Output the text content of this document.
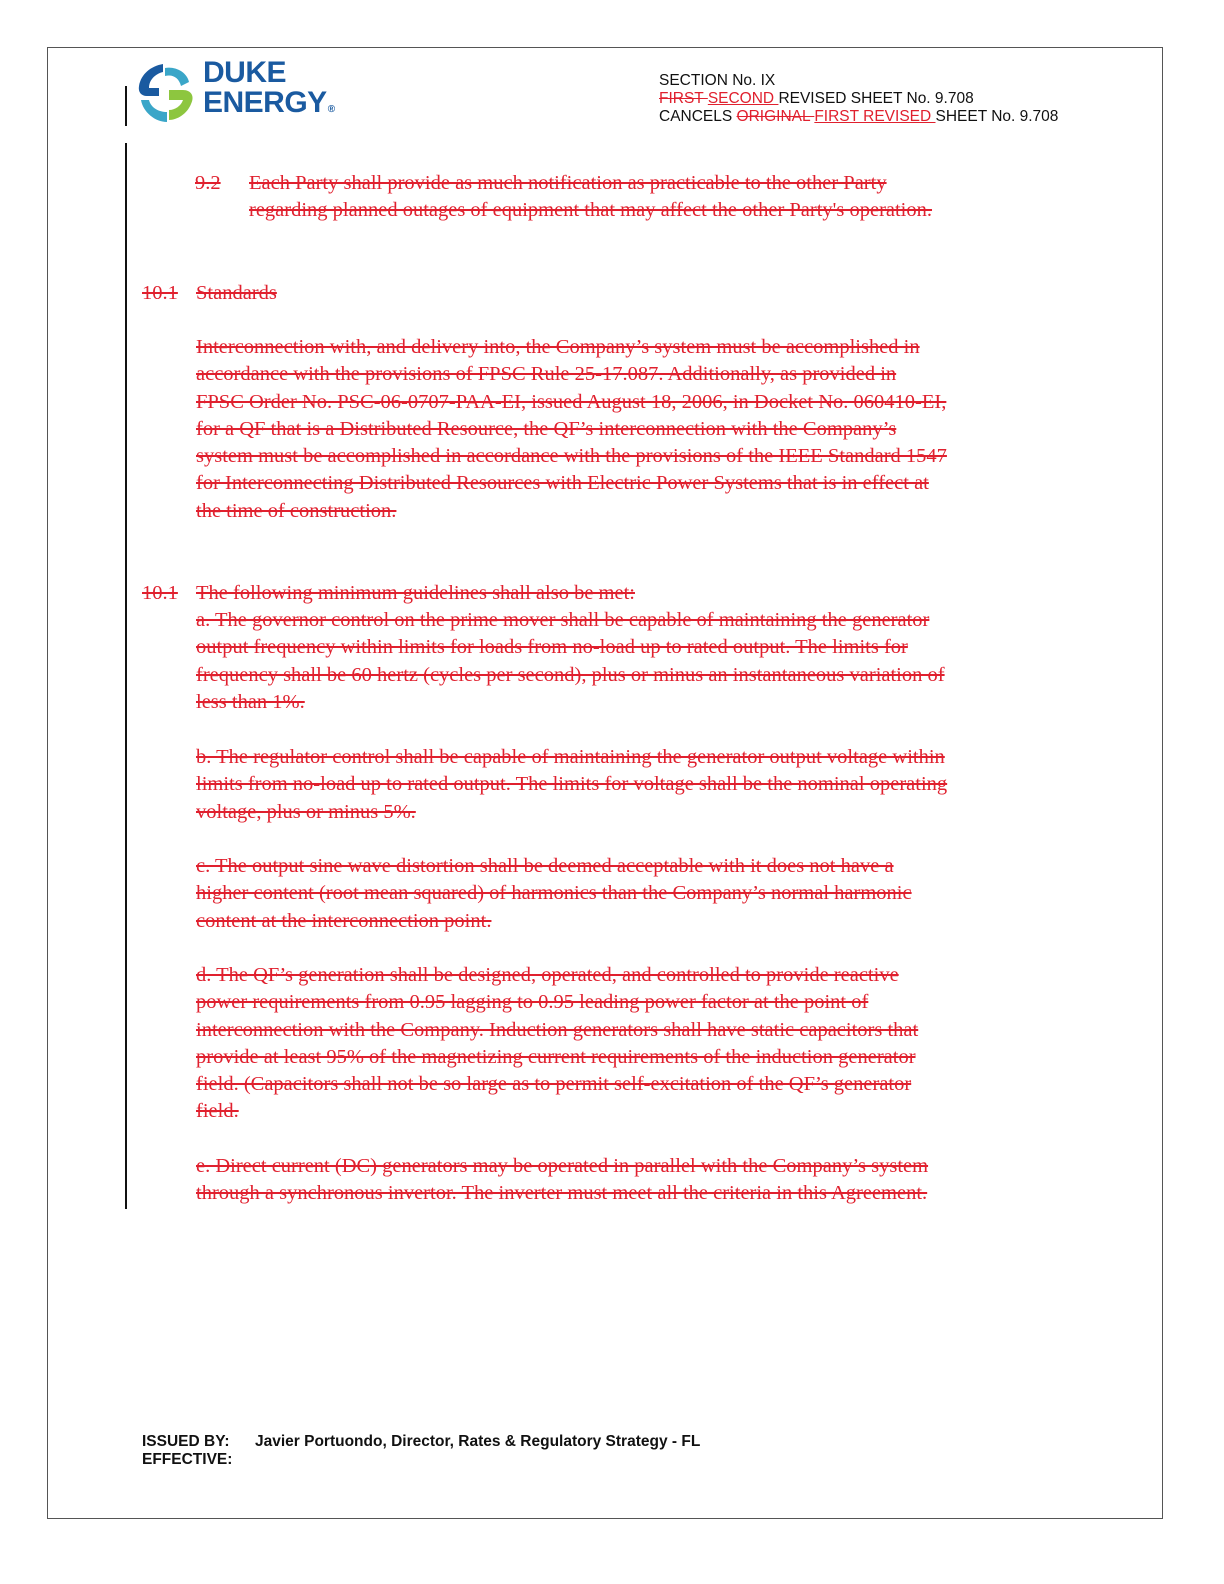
DUKE
ENERGY®
SECTION No. IX
FIRST SECOND REVISED SHEET No. 9.708
CANCELS ORIGINAL FIRST REVISED SHEET No. 9.708
9.2 Each Party shall provide as much notification as practicable to the other Party
regarding planned outages of equipment that may affect the other Party's operation.
10.1 Standards
Interconnection with, and delivery into, the Company’s system must be accomplished in
accordance with the provisions of FPSC Rule 25-17.087. Additionally, as provided in
FPSC Order No. PSC-06-0707-PAA-EI, issued August 18, 2006, in Docket No. 060410-EI,
for a QF that is a Distributed Resource, the QF’s interconnection with the Company’s
system must be accomplished in accordance with the provisions of the IEEE Standard 1547
for Interconnecting Distributed Resources with Electric Power Systems that is in effect at
the time of construction.
10.1 The following minimum guidelines shall also be met:
a. The governor control on the prime mover shall be capable of maintaining the generator
output frequency within limits for loads from no-load up to rated output. The limits for
frequency shall be 60 hertz (cycles per second), plus or minus an instantaneous variation of
less than 1%.
b. The regulator control shall be capable of maintaining the generator output voltage within
limits from no-load up to rated output. The limits for voltage shall be the nominal operating
voltage, plus or minus 5%.
c. The output sine wave distortion shall be deemed acceptable with it does not have a
higher content (root mean squared) of harmonics than the Company’s normal harmonic
content at the interconnection point.
d. The QF’s generation shall be designed, operated, and controlled to provide reactive
power requirements from 0.95 lagging to 0.95 leading power factor at the point of
interconnection with the Company. Induction generators shall have static capacitors that
provide at least 95% of the magnetizing current requirements of the induction generator
field. (Capacitors shall not be so large as to permit self-excitation of the QF’s generator
field.
e. Direct current (DC) generators may be operated in parallel with the Company’s system
through a synchronous invertor. The inverter must meet all the criteria in this Agreement.
ISSUED BY: Javier Portuondo, Director, Rates & Regulatory Strategy - FL
EFFECTIVE:
